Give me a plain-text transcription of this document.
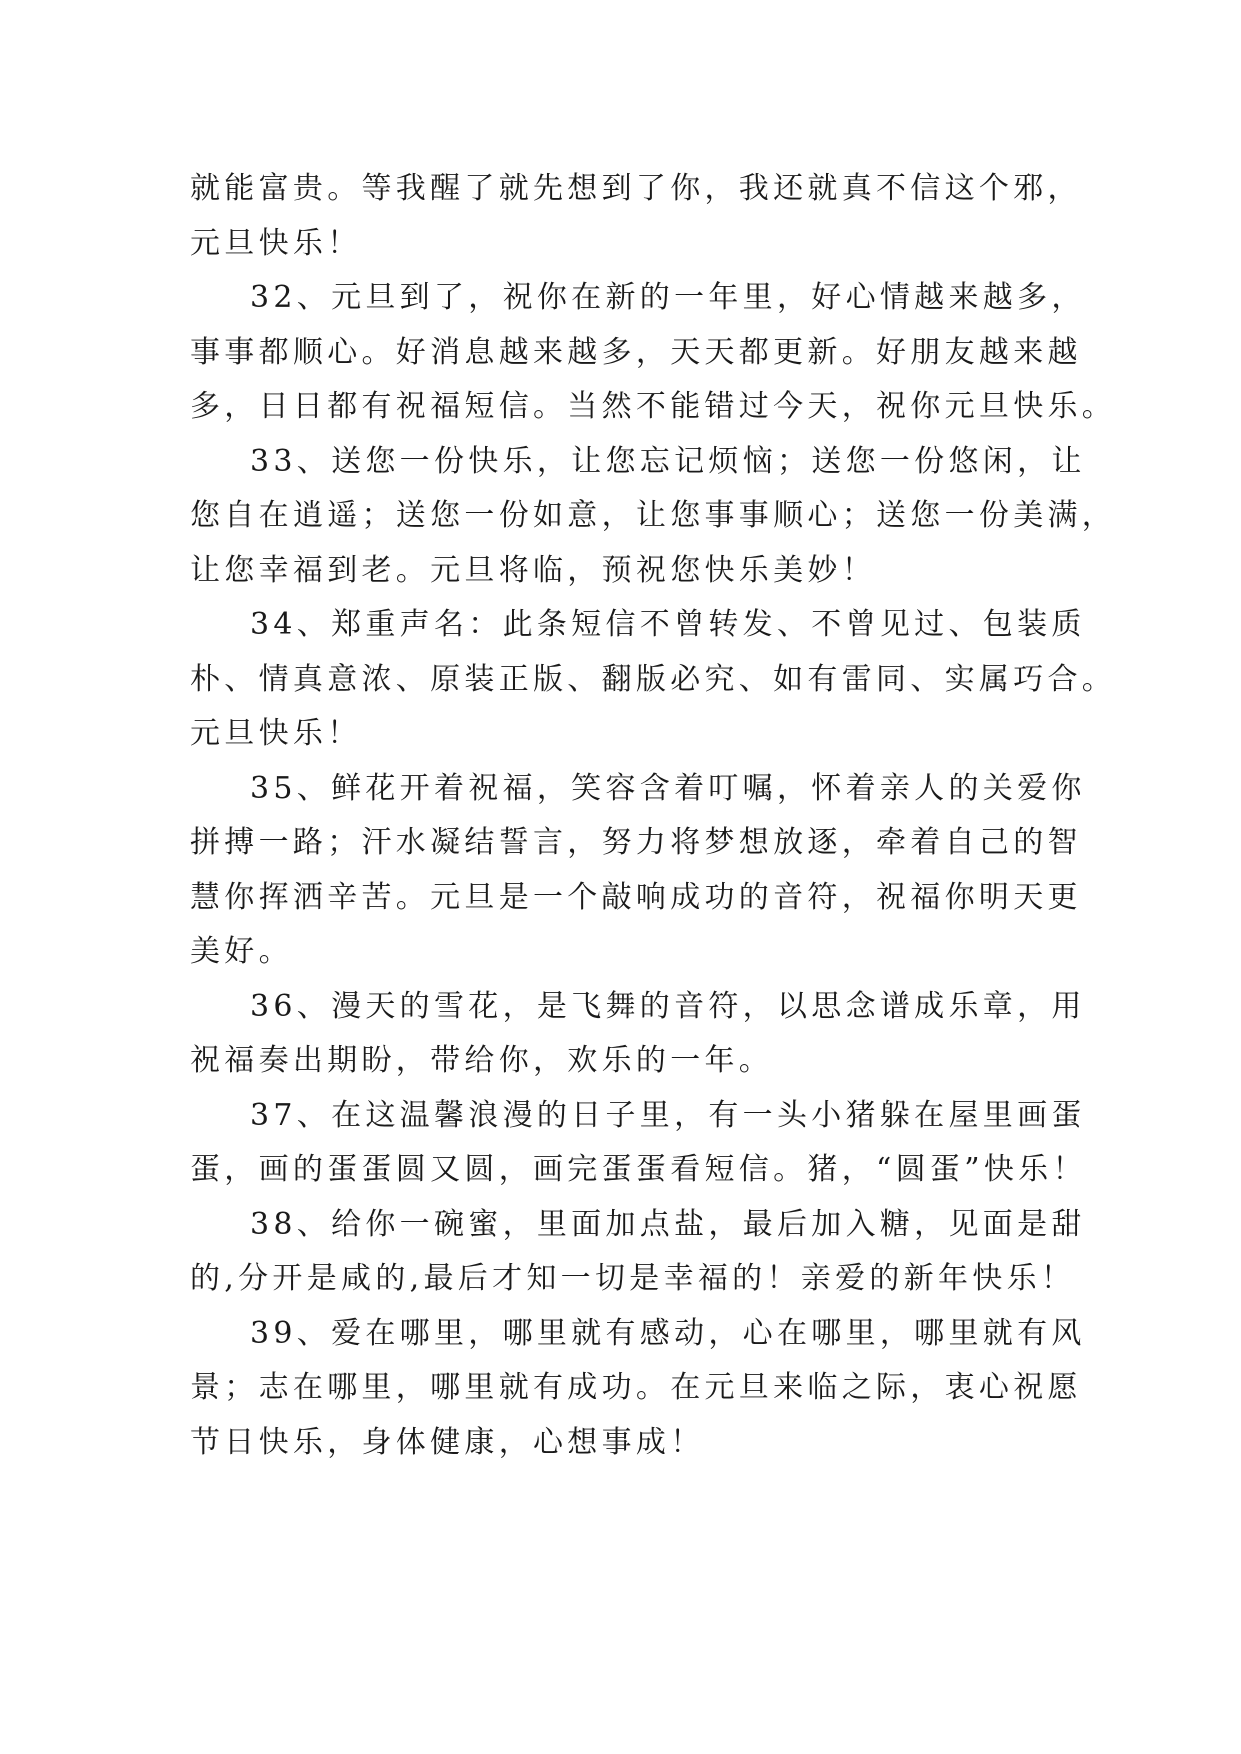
就能富贵。等我醒了就先想到了你，我还就真不信这个邪，
元旦快乐！

32、元旦到了，祝你在新的一年里，好心情越来越多，
事事都顺心。好消息越来越多，天天都更新。好朋友越来越
多，日日都有祝福短信。当然不能错过今天，祝你元旦快乐。

33、送您一份快乐，让您忘记烦恼；送您一份悠闲，让
您自在逍遥；送您一份如意，让您事事顺心；送您一份美满，
让您幸福到老。元旦将临，预祝您快乐美妙！

34、郑重声名：此条短信不曾转发、不曾见过、包装质
朴、情真意浓、原装正版、翻版必究、如有雷同、实属巧合。
元旦快乐！

35、鲜花开着祝福，笑容含着叮嘱，怀着亲人的关爱你
拼搏一路；汗水凝结誓言，努力将梦想放逐，牵着自己的智
慧你挥洒辛苦。元旦是一个敲响成功的音符，祝福你明天更
美好。

36、漫天的雪花，是飞舞的音符，以思念谱成乐章，用
祝福奏出期盼，带给你，欢乐的一年。

37、在这温馨浪漫的日子里，有一头小猪躲在屋里画蛋
蛋，画的蛋蛋圆又圆，画完蛋蛋看短信。猪，“圆蛋”快乐！

38、给你一碗蜜，里面加点盐，最后加入糖，见面是甜
的,分开是咸的,最后才知一切是幸福的！亲爱的新年快乐！

39、爱在哪里，哪里就有感动，心在哪里，哪里就有风
景；志在哪里，哪里就有成功。在元旦来临之际，衷心祝愿
节日快乐，身体健康，心想事成！
